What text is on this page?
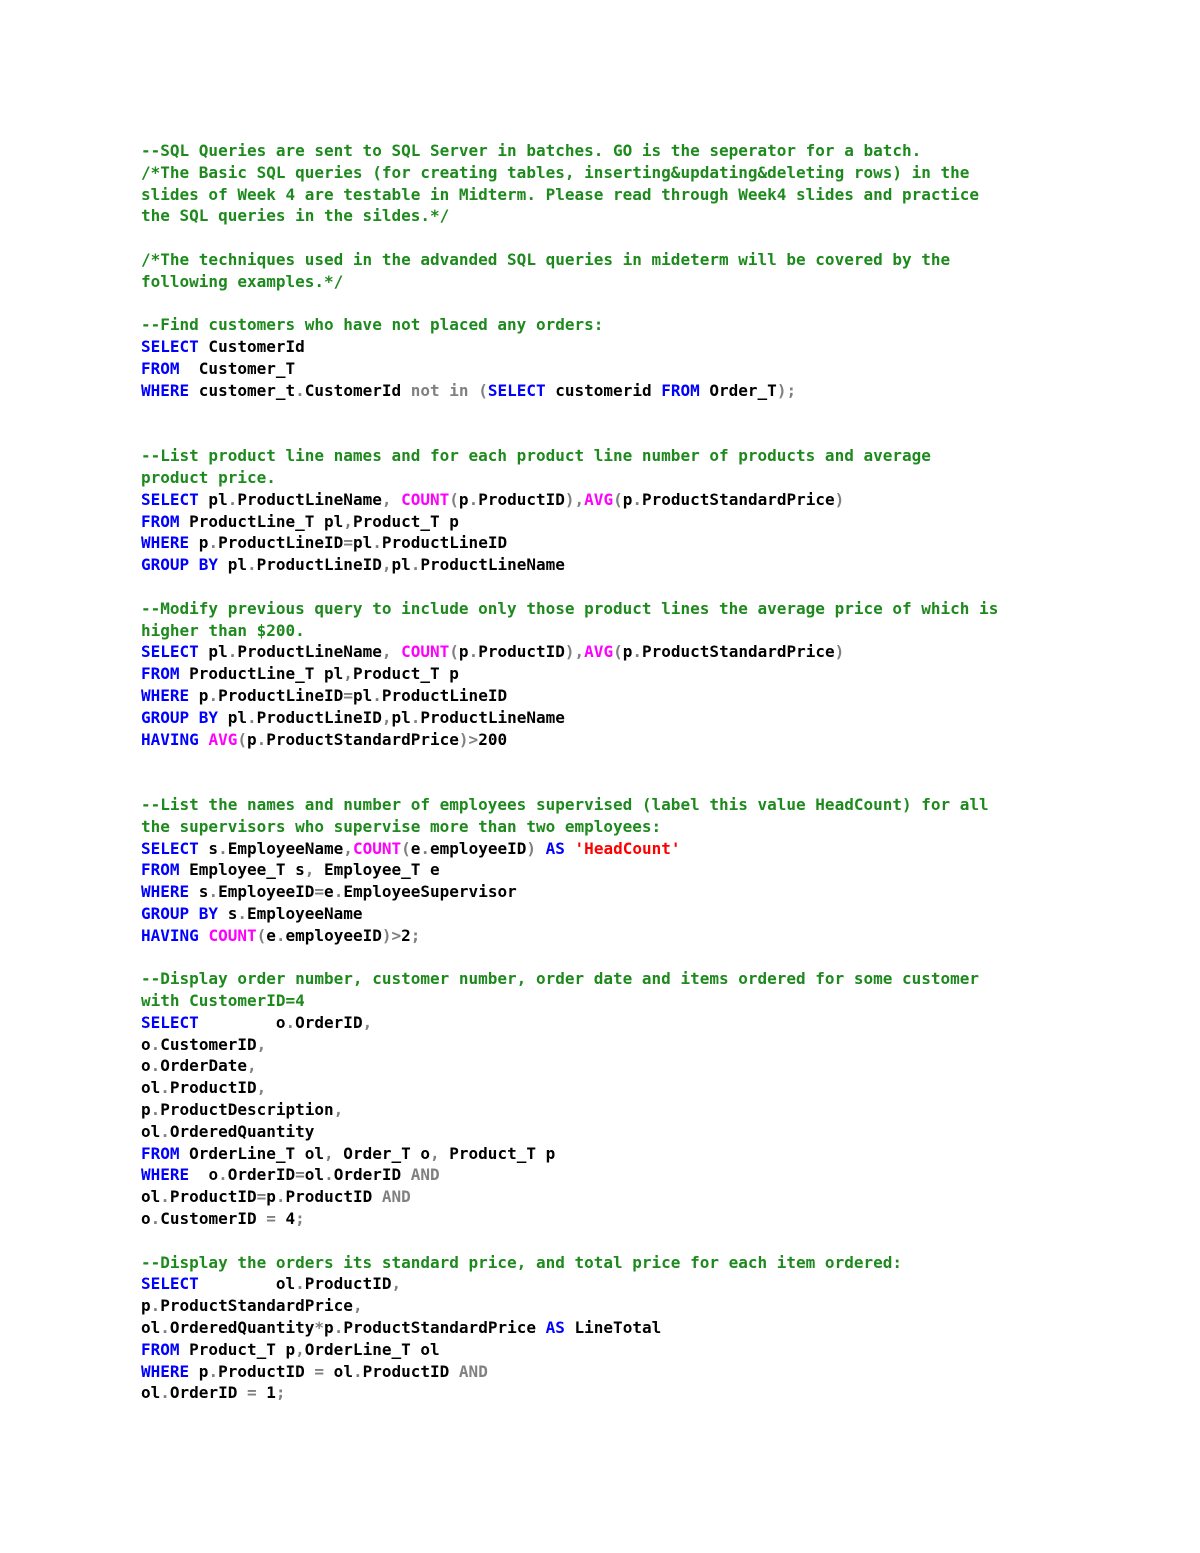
--SQL Queries are sent to SQL Server in batches. GO is the seperator for a batch.
/*The Basic SQL queries (for creating tables, inserting&updating&deleting rows) in the
slides of Week 4 are testable in Midterm. Please read through Week4 slides and practice
the SQL queries in the sildes.*/
/*The techniques used in the advanded SQL queries in mideterm will be covered by the
following examples.*/
--Find customers who have not placed any orders:
SELECT CustomerId
FROM  Customer_T
WHERE customer_t.CustomerId not in (SELECT customerid FROM Order_T);
--List product line names and for each product line number of products and average
product price.
SELECT pl.ProductLineName, COUNT(p.ProductID),AVG(p.ProductStandardPrice)
FROM ProductLine_T pl,Product_T p
WHERE p.ProductLineID=pl.ProductLineID
GROUP BY pl.ProductLineID,pl.ProductLineName
--Modify previous query to include only those product lines the average price of which is
higher than $200.
SELECT pl.ProductLineName, COUNT(p.ProductID),AVG(p.ProductStandardPrice)
FROM ProductLine_T pl,Product_T p
WHERE p.ProductLineID=pl.ProductLineID
GROUP BY pl.ProductLineID,pl.ProductLineName
HAVING AVG(p.ProductStandardPrice)>200
--List the names and number of employees supervised (label this value HeadCount) for all
the supervisors who supervise more than two employees:
SELECT s.EmployeeName,COUNT(e.employeeID) AS 'HeadCount'
FROM Employee_T s, Employee_T e
WHERE s.EmployeeID=e.EmployeeSupervisor
GROUP BY s.EmployeeName
HAVING COUNT(e.employeeID)>2;
--Display order number, customer number, order date and items ordered for some customer
with CustomerID=4
SELECT        o.OrderID,
o.CustomerID,
o.OrderDate,
ol.ProductID,
p.ProductDescription,
ol.OrderedQuantity
FROM OrderLine_T ol, Order_T o, Product_T p
WHERE  o.OrderID=ol.OrderID AND
ol.ProductID=p.ProductID AND
o.CustomerID = 4;
--Display the orders its standard price, and total price for each item ordered:
SELECT        ol.ProductID,
p.ProductStandardPrice,
ol.OrderedQuantity*p.ProductStandardPrice AS LineTotal
FROM Product_T p,OrderLine_T ol
WHERE p.ProductID = ol.ProductID AND
ol.OrderID = 1;
